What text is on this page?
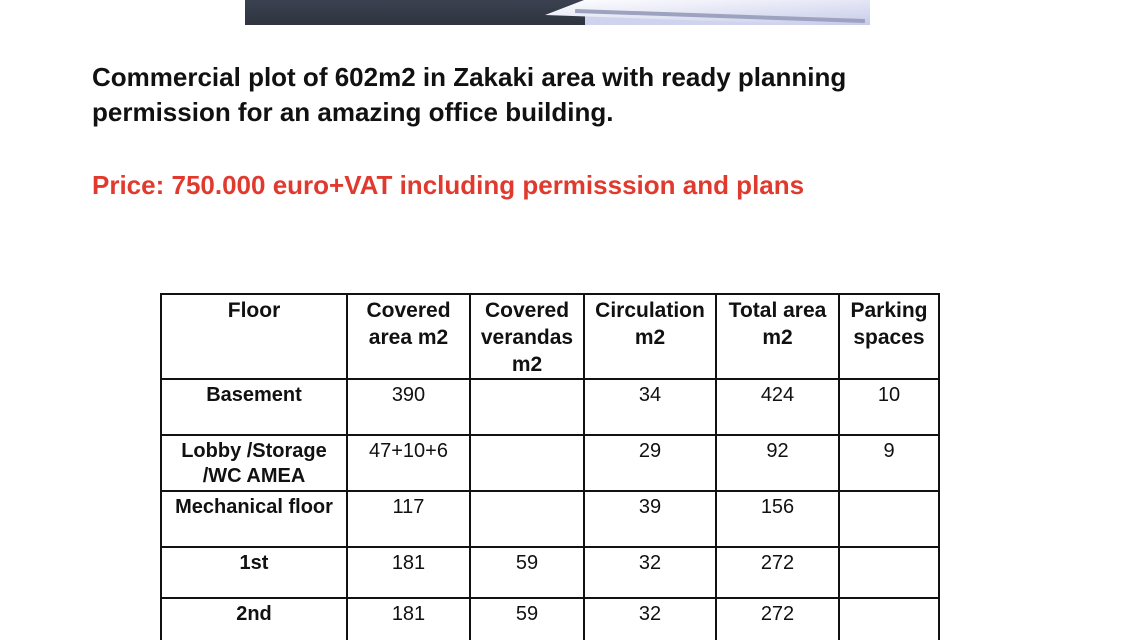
Commercial plot of 602m2 in Zakaki area with ready planning permission for an amazing office building.

Price: 750.000 euro+VAT including permisssion and plans

Floor	Covered area m2	Covered verandas m2	Circulation m2	Total area m2	Parking spaces
Basement	390		34	424	10
Lobby /Storage /WC AMEA	47+10+6		29	92	9
Mechanical floor	117		39	156	
1st	181	59	32	272	
2nd	181	59	32	272	
